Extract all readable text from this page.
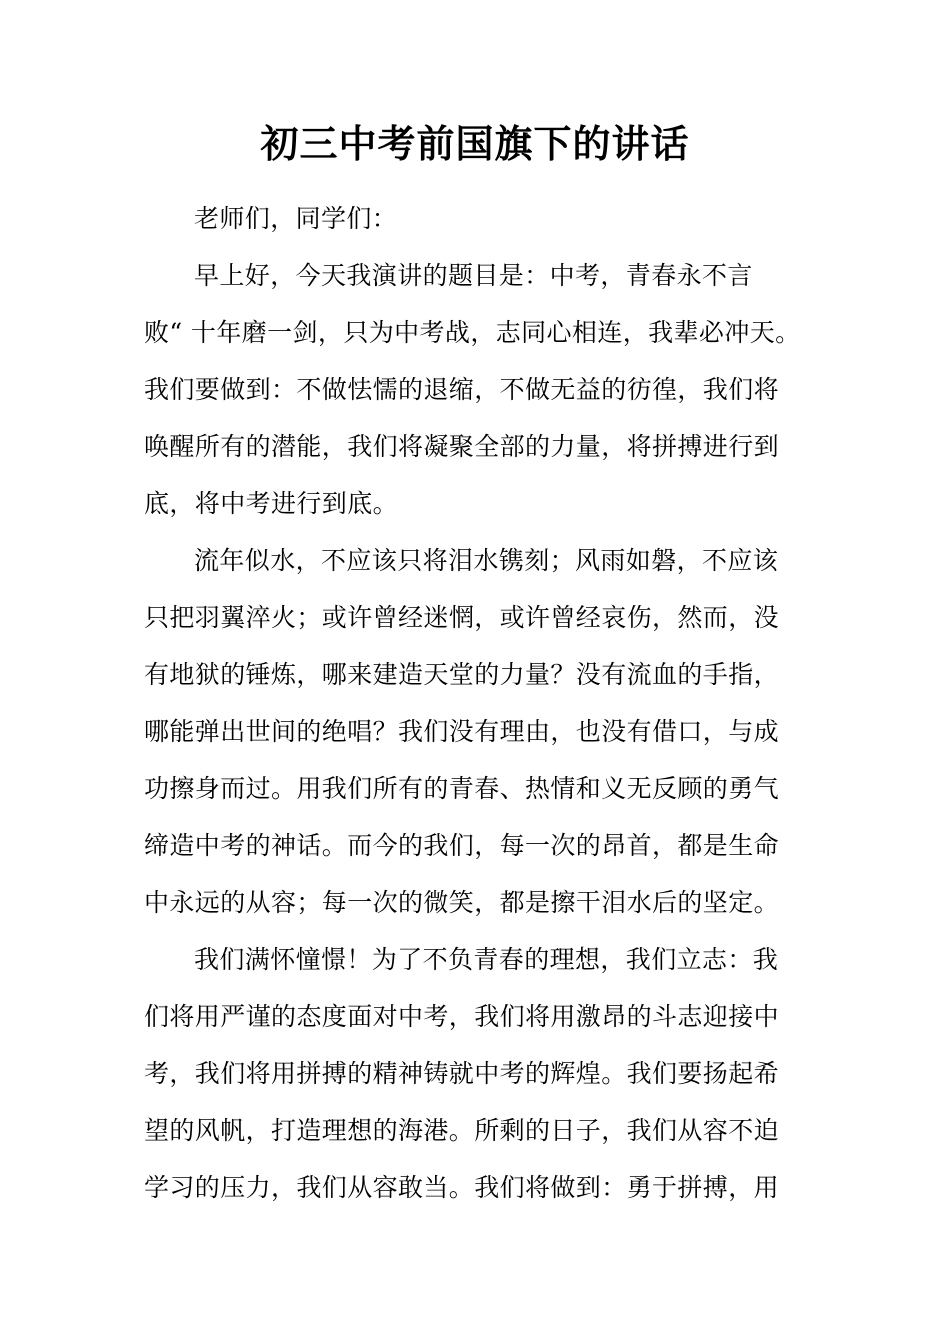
初三中考前国旗下的讲话
老师们，同学们：
早上好，今天我演讲的题目是：中考，青春永不言
败“ 十年磨一剑，只为中考战，志同心相连，我辈必冲天。
我们要做到：不做怯懦的退缩，不做无益的彷徨，我们将
唤醒所有的潜能，我们将凝聚全部的力量，将拼搏进行到
底，将中考进行到底。
流年似水，不应该只将泪水镌刻；风雨如磐，不应该
只把羽翼淬火；或许曾经迷惘，或许曾经哀伤，然而，没
有地狱的锤炼，哪来建造天堂的力量？没有流血的手指，
哪能弹出世间的绝唱？我们没有理由，也没有借口，与成
功擦身而过。用我们所有的青春、热情和义无反顾的勇气
缔造中考的神话。而今的我们，每一次的昂首，都是生命
中永远的从容；每一次的微笑，都是擦干泪水后的坚定。
我们满怀憧憬！为了不负青春的理想，我们立志：我
们将用严谨的态度面对中考，我们将用激昂的斗志迎接中
考，我们将用拼搏的精神铸就中考的辉煌。我们要扬起希
望的风帆，打造理想的海港。所剩的日子，我们从容不迫
学习的压力，我们从容敢当。我们将做到：勇于拼搏，用
